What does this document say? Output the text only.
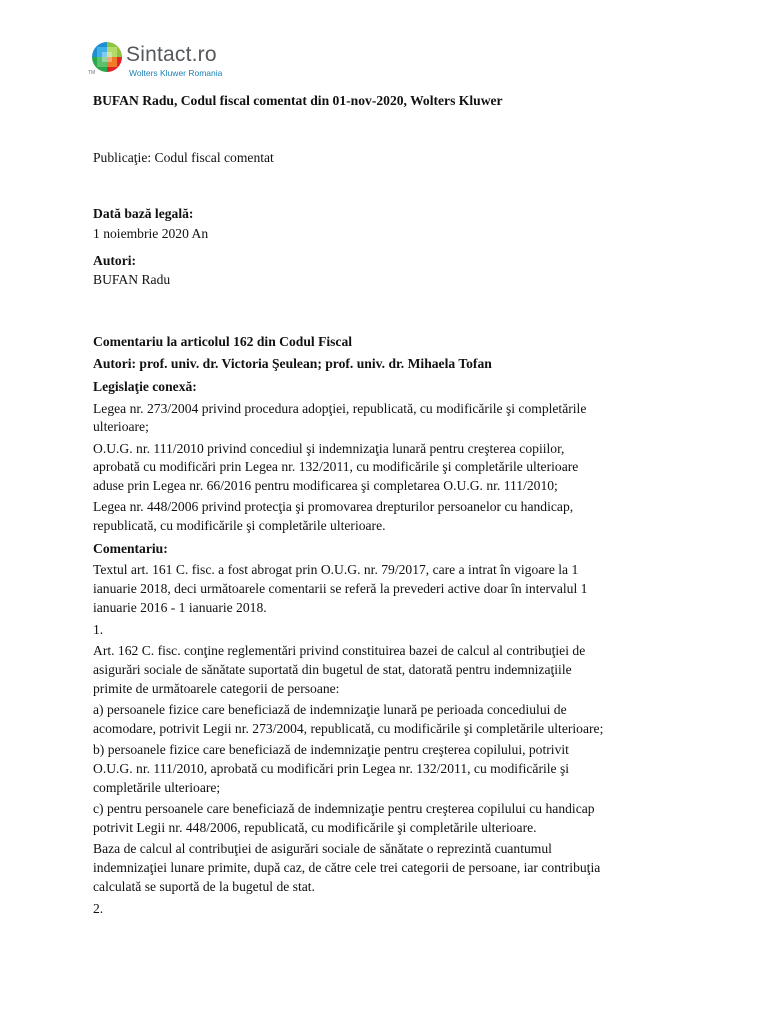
TM
Sintact.ro
Wolters Kluwer Romania
BUFAN Radu, Codul fiscal comentat din 01-nov-2020, Wolters Kluwer
Publicaţie: Codul fiscal comentat
Dată bază legală:
1 noiembrie 2020 An
Autori:
BUFAN Radu
Comentariu la articolul 162 din Codul Fiscal
Autori: prof. univ. dr. Victoria Şeulean; prof. univ. dr. Mihaela Tofan
Legislaţie conexă:
Legea nr. 273/2004 privind procedura adopţiei, republicată, cu modificările şi completările
ulterioare;
O.U.G. nr. 111/2010 privind concediul şi indemnizaţia lunară pentru creşterea copiilor,
aprobată cu modificări prin Legea nr. 132/2011, cu modificările şi completările ulterioare
aduse prin Legea nr. 66/2016 pentru modificarea şi completarea O.U.G. nr. 111/2010;
Legea nr. 448/2006 privind protecţia şi promovarea drepturilor persoanelor cu handicap,
republicată, cu modificările şi completările ulterioare.
Comentariu:
Textul art. 161 C. fisc. a fost abrogat prin O.U.G. nr. 79/2017, care a intrat în vigoare la 1
ianuarie 2018, deci următoarele comentarii se referă la prevederi active doar în intervalul 1
ianuarie 2016 - 1 ianuarie 2018.
1.
Art. 162 C. fisc. conţine reglementări privind constituirea bazei de calcul al contribuţiei de
asigurări sociale de sănătate suportată din bugetul de stat, datorată pentru indemnizaţiile
primite de următoarele categorii de persoane:
a) persoanele fizice care beneficiază de indemnizaţie lunară pe perioada concediului de
acomodare, potrivit Legii nr. 273/2004, republicată, cu modificările şi completările ulterioare;
b) persoanele fizice care beneficiază de indemnizaţie pentru creşterea copilului, potrivit
O.U.G. nr. 111/2010, aprobată cu modificări prin Legea nr. 132/2011, cu modificările şi
completările ulterioare;
c) pentru persoanele care beneficiază de indemnizaţie pentru creşterea copilului cu handicap
potrivit Legii nr. 448/2006, republicată, cu modificările şi completările ulterioare.
Baza de calcul al contribuţiei de asigurări sociale de sănătate o reprezintă cuantumul
indemnizaţiei lunare primite, după caz, de către cele trei categorii de persoane, iar contribuţia
calculată se suportă de la bugetul de stat.
2.
